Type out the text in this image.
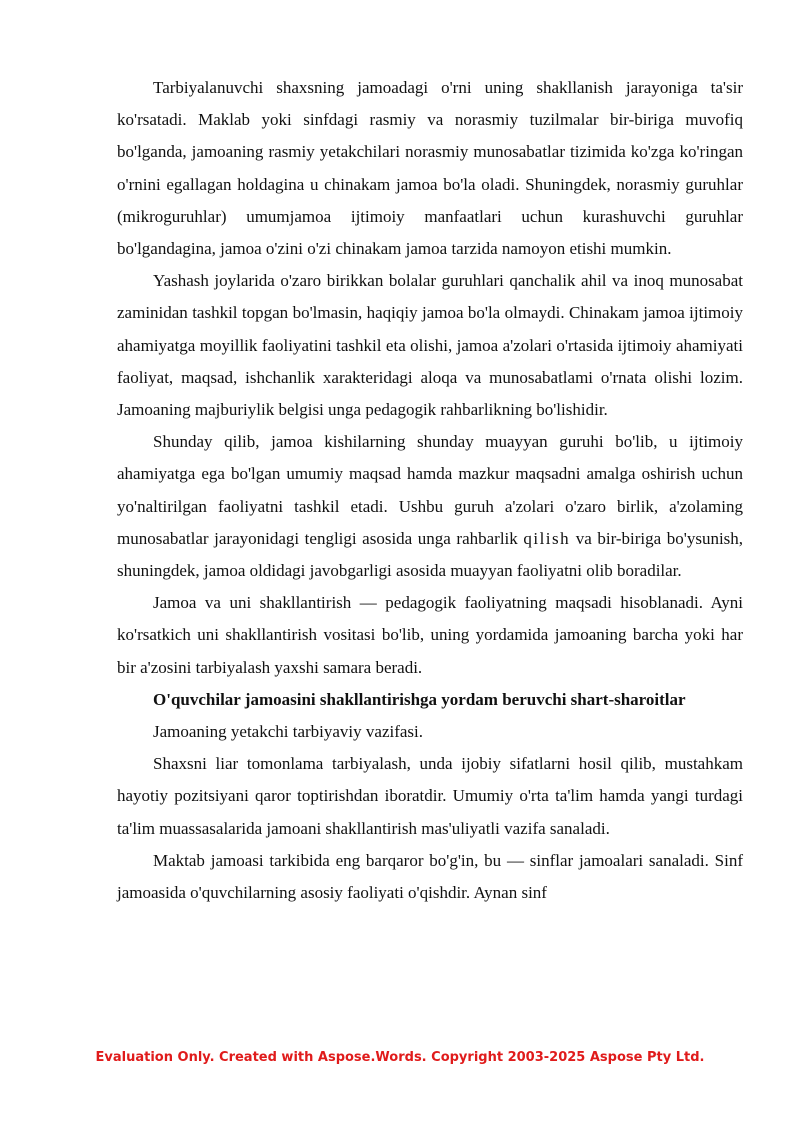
Tarbiyalanuvchi shaxsning jamoadagi o'rni uning shakllanish jarayoniga ta'sir ko'rsatadi. Maklab yoki sinfdagi rasmiy va norasmiy tuzilmalar bir-biriga muvofiq bo'lganda, jamoaning rasmiy yetakchilari norasmiy munosabatlar tizimida ko'zga ko'ringan o'rnini egallagan holdagina u chinakam jamoa bo'la oladi. Shuningdek, norasmiy guruhlar (mikroguruhlar) umumjamoa ijtimoiy manfaatlari uchun kurashuvchi guruhlar bo'lgandagina, jamoa o'zini o'zi chinakam jamoa tarzida namoyon etishi mumkin.

Yashash joylarida o'zaro birikkan bolalar guruhlari qanchalik ahil va inoq munosabat zaminidan tashkil topgan bo'lmasin, haqiqiy jamoa bo'la olmaydi. Chinakam jamoa ijtimoiy ahamiyatga moyillik faoliyatini tashkil eta olishi, jamoa a'zolari o'rtasida ijtimoiy ahamiyati faoliyat, maqsad, ishchanlik xarakteridagi aloqa va munosabatlami o'rnata olishi lozim. Jamoaning majburiylik belgisi unga pedagogik rahbarlikning bo'lishidir.

Shunday qilib, jamoa kishilarning shunday muayyan guruhi bo'lib, u ijtimoiy ahamiyatga ega bo'lgan umumiy maqsad hamda mazkur maqsadni amalga oshirish uchun yo'naltirilgan faoliyatni tashkil etadi. Ushbu guruh a'zolari o'zaro birlik, a'zolaming munosabatlar jarayonidagi tengligi asosida unga rahbarlik qilish va bir-biriga bo'ysunish, shuningdek, jamoa oldidagi javobgarligi asosida muayyan faoliyatni olib boradilar.

Jamoa va uni shakllantirish — pedagogik faoliyatning maqsadi hisoblanadi. Ayni ko'rsatkich uni shakllantirish vositasi bo'lib, uning yordamida jamoaning barcha yoki har bir a'zosini tarbiyalash yaxshi samara beradi.

O'quvchilar jamoasini shakllantirishga yordam beruvchi shart-sharoitlar

Jamoaning yetakchi tarbiyaviy vazifasi.

Shaxsni liar tomonlama tarbiyalash, unda ijobiy sifatlarni hosil qilib, mustahkam hayotiy pozitsiyani qaror toptirishdan iboratdir. Umumiy o'rta ta'lim hamda yangi turdagi ta'lim muassasalarida jamoani shakllantirish mas'uliyatli vazifa sanaladi.

Maktab jamoasi tarkibida eng barqaror bo'g'in, bu — sinflar jamoalari sanaladi. Sinf jamoasida o'quvchilarning asosiy faoliyati o'qishdir. Aynan sinf

Evaluation Only. Created with Aspose.Words. Copyright 2003-2025 Aspose Pty Ltd.
